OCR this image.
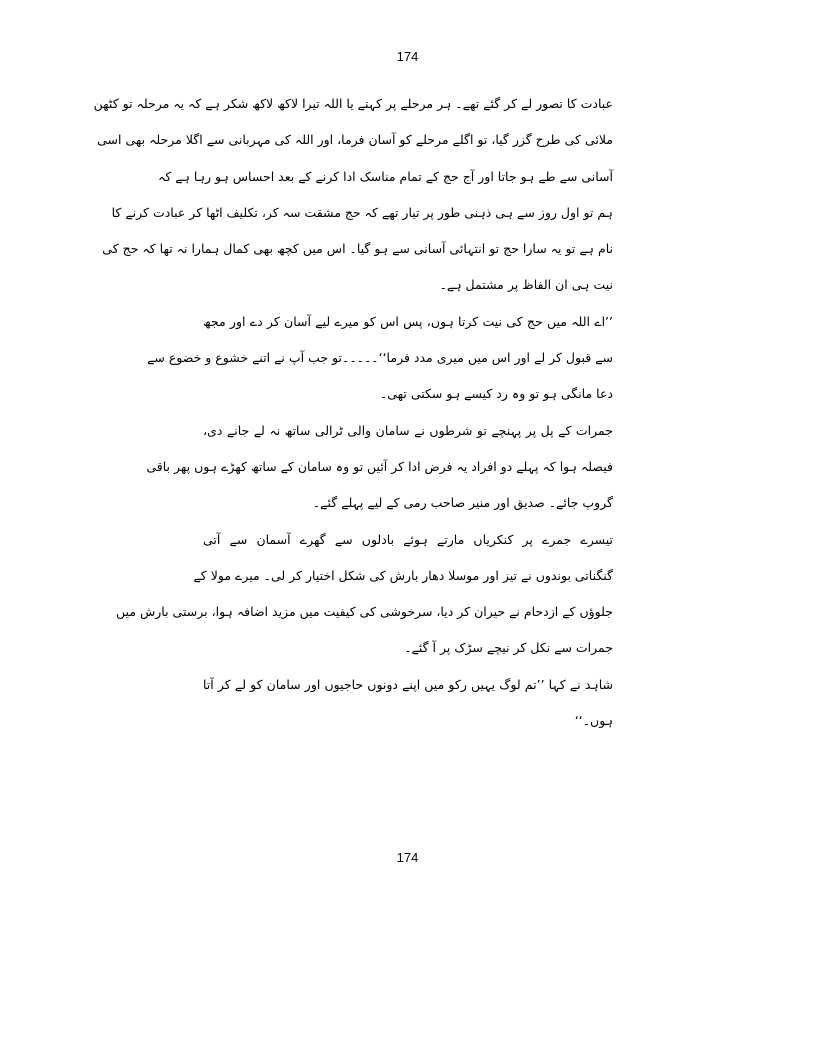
174
عبادت کا تصور لے کر گئے تھے۔ ہر مرحلے پر کہتے یا اللہ تیرا لاکھ لاکھ شکر ہے کہ یہ مرحلہ تو کٹھن
ملائی کی طرح گزر گیا، تو اگلے مرحلے کو آسان فرما، اور اللہ کی مہربانی سے اگلا مرحلہ بھی اسی
آسانی سے طے ہو جاتا اور آج حج کے تمام مناسک ادا کرنے کے بعد احساس ہو رہا ہے کہ
ہم تو اول روز سے ہی ذہنی طور پر تیار تھے کہ حج مشقت سہ کر، تکلیف اٹھا کر عبادت کرنے کا
نام ہے تو یہ سارا حج تو انتہائی آسانی سے ہو گیا۔ اس میں کچھ بھی کمال ہمارا نہ تھا کہ حج کی
نیت ہی ان الفاظ پر مشتمل ہے۔
’’اے اللہ میں حج کی نیت کرتا ہوں، پس اس کو میرے لیے آسان کر دے اور مجھ
سے قبول کر لے اور اس میں میری مدد فرما‘‘۔۔۔۔۔تو جب آپ نے اتنے خشوع و خضوع سے
دعا مانگی ہو تو وہ رد کیسے ہو سکتی تھی۔
جمرات کے پل پر پہنچے تو شرطوں نے سامان والی ٹرالی ساتھ نہ لے جانے دی،
فیصلہ ہوا کہ پہلے دو افراد یہ فرض ادا کر آئیں تو وہ سامان کے ساتھ کھڑے ہوں پھر باقی
گروپ جائے۔ صدیق اور منیر صاحب رمی کے لیے پہلے گئے۔
تیسرے جمرے پر کنکریاں مارتے ہوئے بادلوں سے گھرے آسمان سے آتی
گنگناتی بوندوں نے تیز اور موسلا دھار بارش کی شکل اختیار کر لی۔ میرے مولا کے
جلوؤں کے ازدحام نے حیران کر دیا، سرخوشی کی کیفیت میں مزید اضافہ ہوا، برستی بارش میں
جمرات سے نکل کر نیچے سڑک پر آ گئے۔
شاہد نے کہا ’’تم لوگ یہیں رکو میں اپنے دونوں حاجیوں اور سامان کو لے کر آتا
ہوں۔‘‘
174
